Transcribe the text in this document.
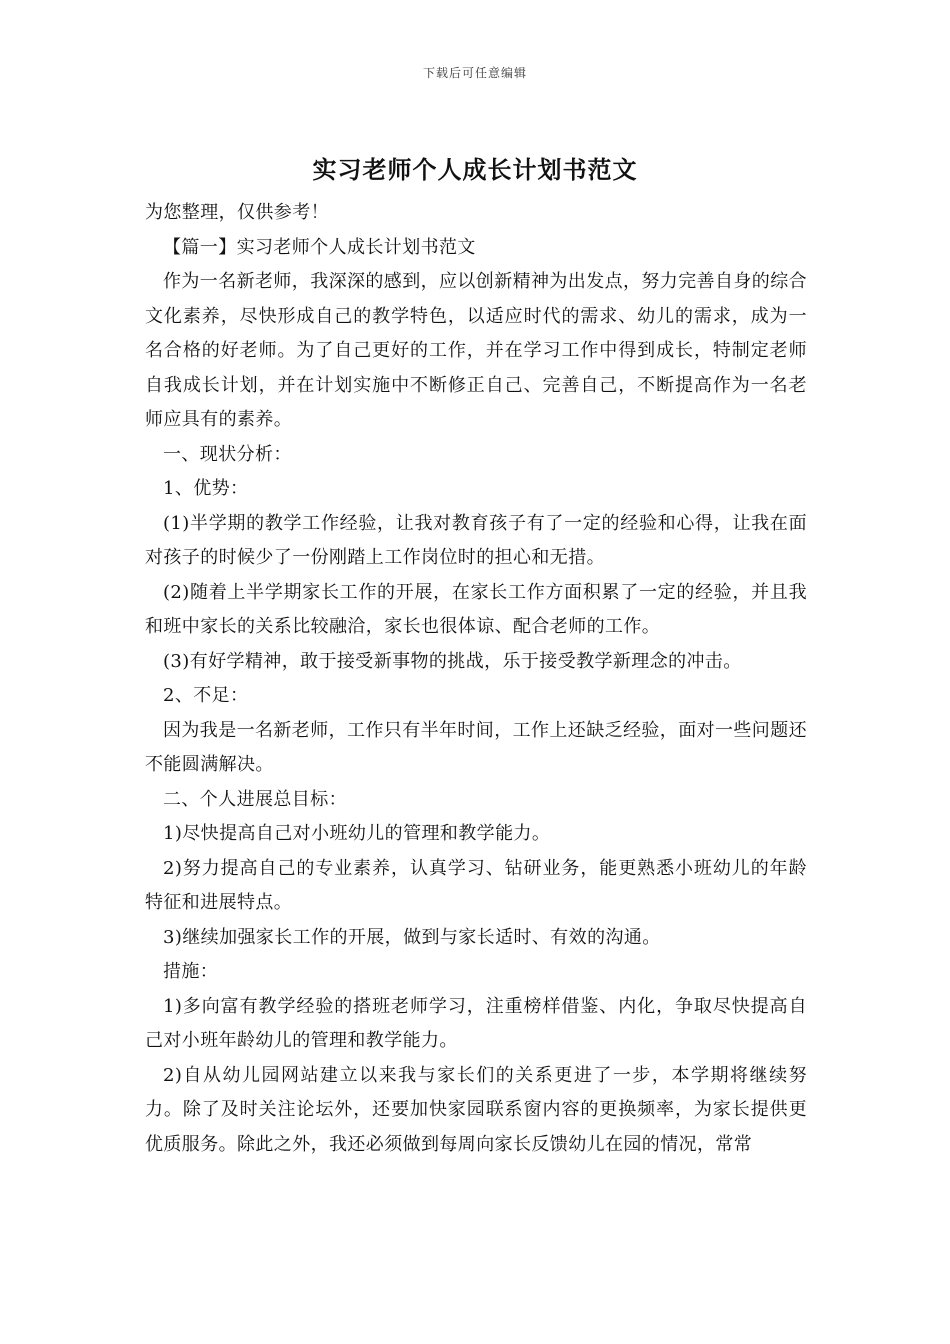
下载后可任意编辑
实习老师个人成长计划书范文

为您整理，仅供参考！

【篇一】实习老师个人成长计划书范文

作为一名新老师，我深深的感到，应以创新精神为出发点，努力完善自身的综合文化素养，尽快形成自己的教学特色，以适应时代的需求、幼儿的需求，成为一名合格的好老师。为了自己更好的工作，并在学习工作中得到成长，特制定老师自我成长计划，并在计划实施中不断修正自己、完善自己，不断提高作为一名老师应具有的素养。

一、现状分析：

1、优势：

(1)半学期的教学工作经验，让我对教育孩子有了一定的经验和心得，让我在面对孩子的时候少了一份刚踏上工作岗位时的担心和无措。

(2)随着上半学期家长工作的开展，在家长工作方面积累了一定的经验，并且我和班中家长的关系比较融洽，家长也很体谅、配合老师的工作。

(3)有好学精神，敢于接受新事物的挑战，乐于接受教学新理念的冲击。

2、不足：

因为我是一名新老师，工作只有半年时间，工作上还缺乏经验，面对一些问题还不能圆满解决。

二、个人进展总目标：

1)尽快提高自己对小班幼儿的管理和教学能力。

2)努力提高自己的专业素养，认真学习、钻研业务，能更熟悉小班幼儿的年龄特征和进展特点。

3)继续加强家长工作的开展，做到与家长适时、有效的沟通。

措施：

1)多向富有教学经验的搭班老师学习，注重榜样借鉴、内化，争取尽快提高自己对小班年龄幼儿的管理和教学能力。

2)自从幼儿园网站建立以来我与家长们的关系更进了一步，本学期将继续努力。除了及时关注论坛外，还要加快家园联系窗内容的更换频率，为家长提供更优质服务。除此之外，我还必须做到每周向家长反馈幼儿在园的情况，常常
